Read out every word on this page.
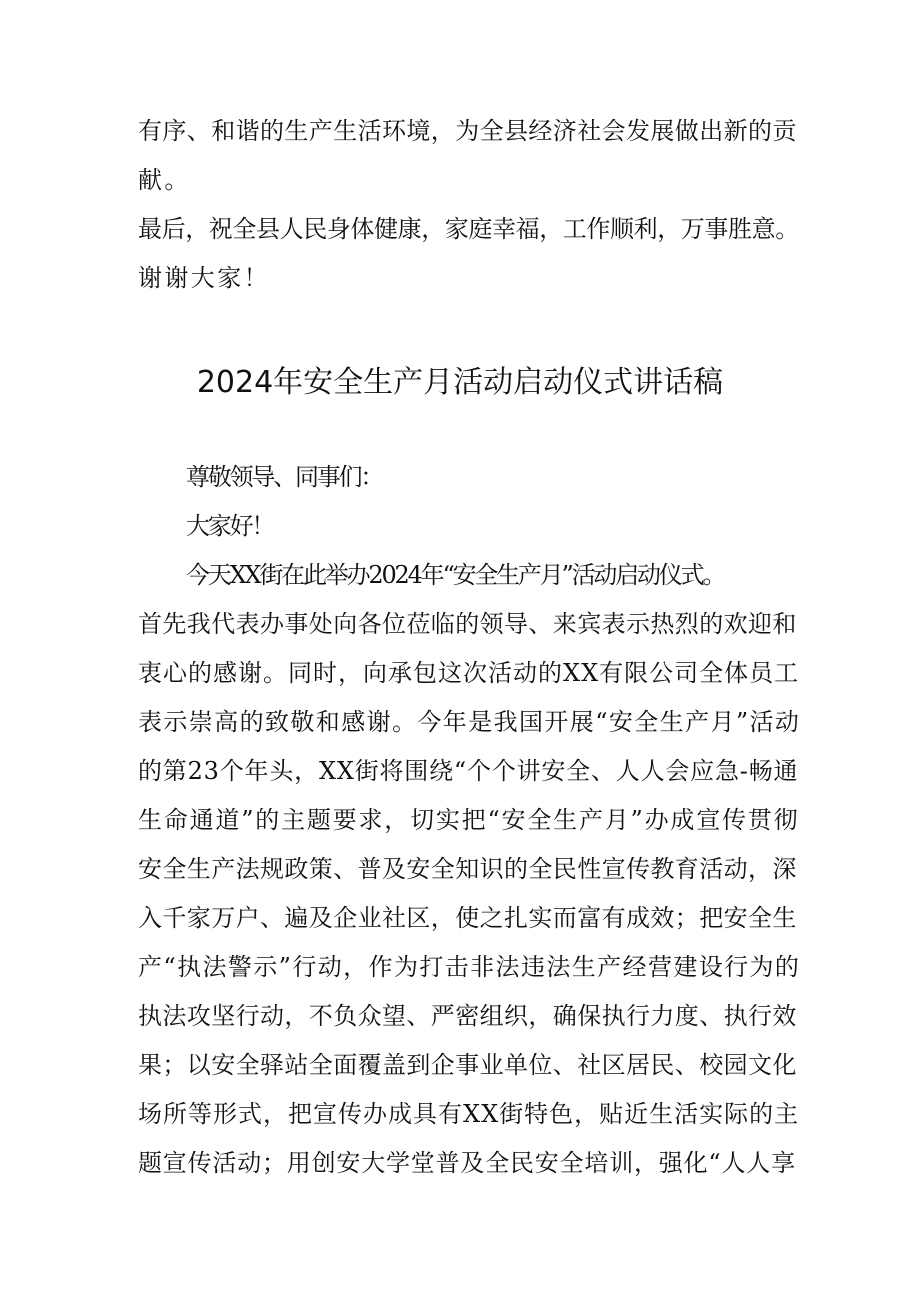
有序、和谐的生产生活环境，为全县经济社会发展做出新的贡
献。
最后，祝全县人民身体健康，家庭幸福，工作顺利，万事胜意。
谢谢大家！
2024年安全生产月活动启动仪式讲话稿
尊敬领导、同事们：
大家好！
今天XX街在此举办2024年“安全生产月”活动启动仪式。
首先我代表办事处向各位莅临的领导、来宾表示热烈的欢迎和
衷心的感谢。同时，向承包这次活动的XX有限公司全体员工
表示崇高的致敬和感谢。今年是我国开展“安全生产月”活动
的第23个年头，XX街将围绕“个个讲安全、人人会应急-畅通
生命通道”的主题要求，切实把“安全生产月”办成宣传贯彻
安全生产法规政策、普及安全知识的全民性宣传教育活动，深
入千家万户、遍及企业社区，使之扎实而富有成效；把安全生
产“执法警示”行动，作为打击非法违法生产经营建设行为的
执法攻坚行动，不负众望、严密组织，确保执行力度、执行效
果；以安全驿站全面覆盖到企事业单位、社区居民、校园文化
场所等形式，把宣传办成具有XX街特色，贴近生活实际的主
题宣传活动；用创安大学堂普及全民安全培训，强化“人人享
